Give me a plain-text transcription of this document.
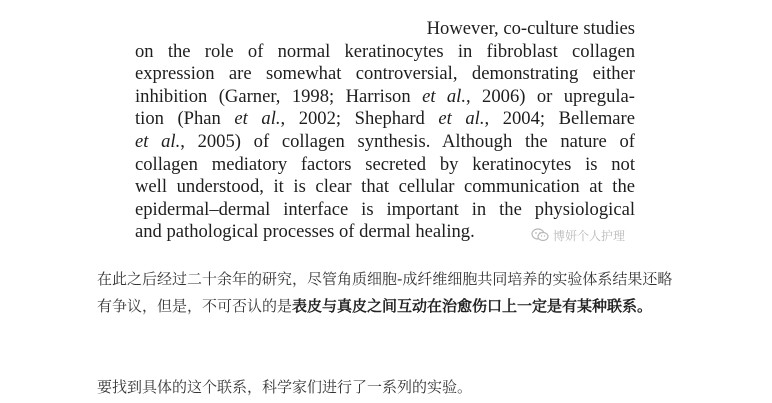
However, co-culture studies
on the role of normal keratinocytes in fibroblast collagen
expression are somewhat controversial, demonstrating either
inhibition (Garner, 1998; Harrison et al., 2006) or upregula-
tion (Phan et al., 2002; Shephard et al., 2004; Bellemare
et al., 2005) of collagen synthesis. Although the nature of
collagen mediatory factors secreted by keratinocytes is not
well understood, it is clear that cellular communication at the
epidermal–dermal interface is important in the physiological
and pathological processes of dermal healing.	博妍个人护理

在此之后经过二十余年的研究，尽管角质细胞-成纤维细胞共同培养的实验体系结果还略有争议，但是，不可否认的是表皮与真皮之间互动在治愈伤口上一定是有某种联系。

要找到具体的这个联系，科学家们进行了一系列的实验。
